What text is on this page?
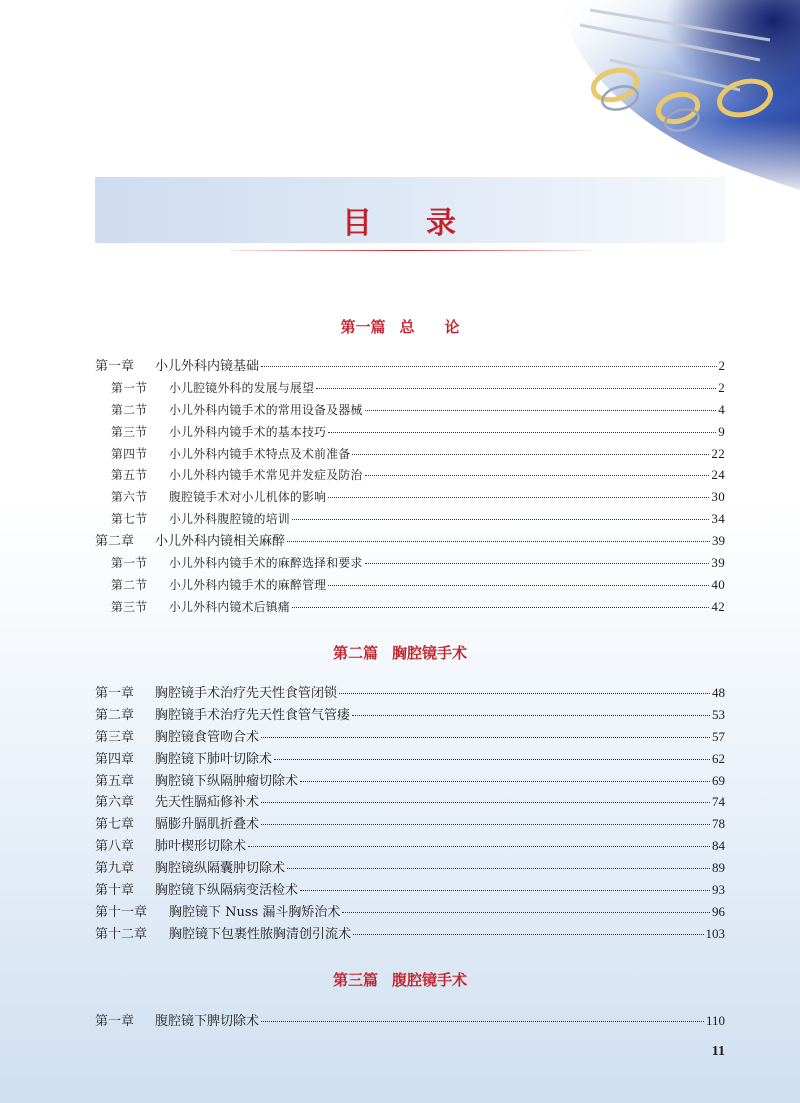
目 录
第一篇 总　　论
第一章	小儿外科内镜基础	2
第一节	小儿腔镜外科的发展与展望	2
第二节	小儿外科内镜手术的常用设备及器械	4
第三节	小儿外科内镜手术的基本技巧	9
第四节	小儿外科内镜手术特点及术前准备	22
第五节	小儿外科内镜手术常见并发症及防治	24
第六节	腹腔镜手术对小儿机体的影响	30
第七节	小儿外科腹腔镜的培训	34
第二章	小儿外科内镜相关麻醉	39
第一节	小儿外科内镜手术的麻醉选择和要求	39
第二节	小儿外科内镜手术的麻醉管理	40
第三节	小儿外科内镜术后镇痛	42
第二篇 胸腔镜手术
第一章	胸腔镜手术治疗先天性食管闭锁	48
第二章	胸腔镜手术治疗先天性食管气管瘘	53
第三章	胸腔镜食管吻合术	57
第四章	胸腔镜下肺叶切除术	62
第五章	胸腔镜下纵隔肿瘤切除术	69
第六章	先天性膈疝修补术	74
第七章	膈膨升膈肌折叠术	78
第八章	肺叶楔形切除术	84
第九章	胸腔镜纵隔囊肿切除术	89
第十章	胸腔镜下纵隔病变活检术	93
第十一章	胸腔镜下 Nuss 漏斗胸矫治术	96
第十二章	胸腔镜下包裹性脓胸清创引流术	103
第三篇 腹腔镜手术
第一章	腹腔镜下脾切除术	110
11
